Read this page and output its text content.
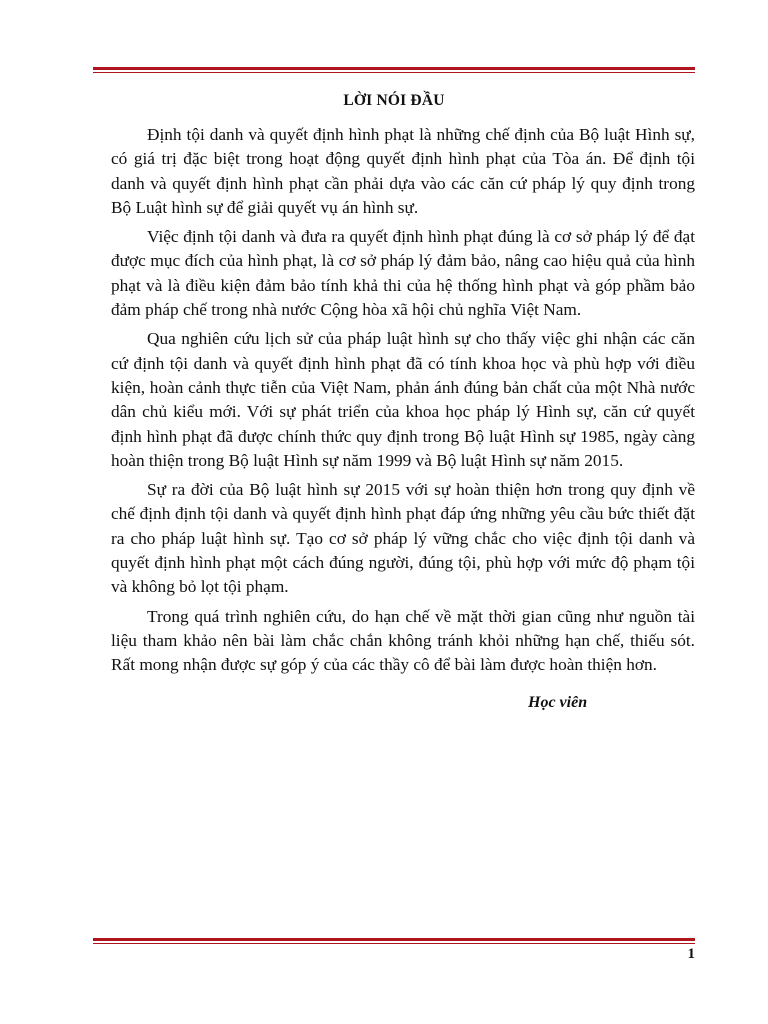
LỜI NÓI ĐẦU

Định tội danh và quyết định hình phạt là những chế định của Bộ luật Hình sự, có giá trị đặc biệt trong hoạt động quyết định hình phạt của Tòa án. Để định tội danh và quyết định hình phạt cần phải dựa vào các căn cứ pháp lý quy định trong Bộ Luật hình sự để giải quyết vụ án hình sự.

Việc định tội danh và đưa ra quyết định hình phạt đúng là cơ sở pháp lý để đạt được mục đích của hình phạt, là cơ sở pháp lý đảm bảo, nâng cao hiệu quả của hình phạt và là điều kiện đảm bảo tính khả thi của hệ thống hình phạt và góp phầm bảo đảm pháp chế trong nhà nước Cộng hòa xã hội chủ nghĩa Việt Nam.

Qua nghiên cứu lịch sử của pháp luật hình sự cho thấy việc ghi nhận các căn cứ định tội danh và quyết định hình phạt đã có tính khoa học và phù hợp với điều kiện, hoàn cảnh thực tiễn của Việt Nam, phản ánh đúng bản chất của một Nhà nước dân chủ kiểu mới. Với sự phát triển của khoa học pháp lý Hình sự, căn cứ quyết định hình phạt đã được chính thức quy định trong Bộ luật Hình sự 1985, ngày càng hoàn thiện trong Bộ luật Hình sự năm 1999 và Bộ luật Hình sự năm 2015.

Sự ra đời của Bộ luật hình sự 2015 với sự hoàn thiện hơn trong quy định về chế định định tội danh và quyết định hình phạt đáp ứng những yêu cầu bức thiết đặt ra cho pháp luật hình sự. Tạo cơ sở pháp lý vững chắc cho việc định tội danh và quyết định hình phạt một cách đúng người, đúng tội, phù hợp với mức độ phạm tội và không bỏ lọt tội phạm.

Trong quá trình nghiên cứu, do hạn chế về mặt thời gian cũng như nguồn tài liệu tham khảo nên bài làm chắc chắn không tránh khỏi những hạn chế, thiếu sót. Rất mong nhận được sự góp ý của các thầy cô để bài làm được hoàn thiện hơn.

Học viên
1
